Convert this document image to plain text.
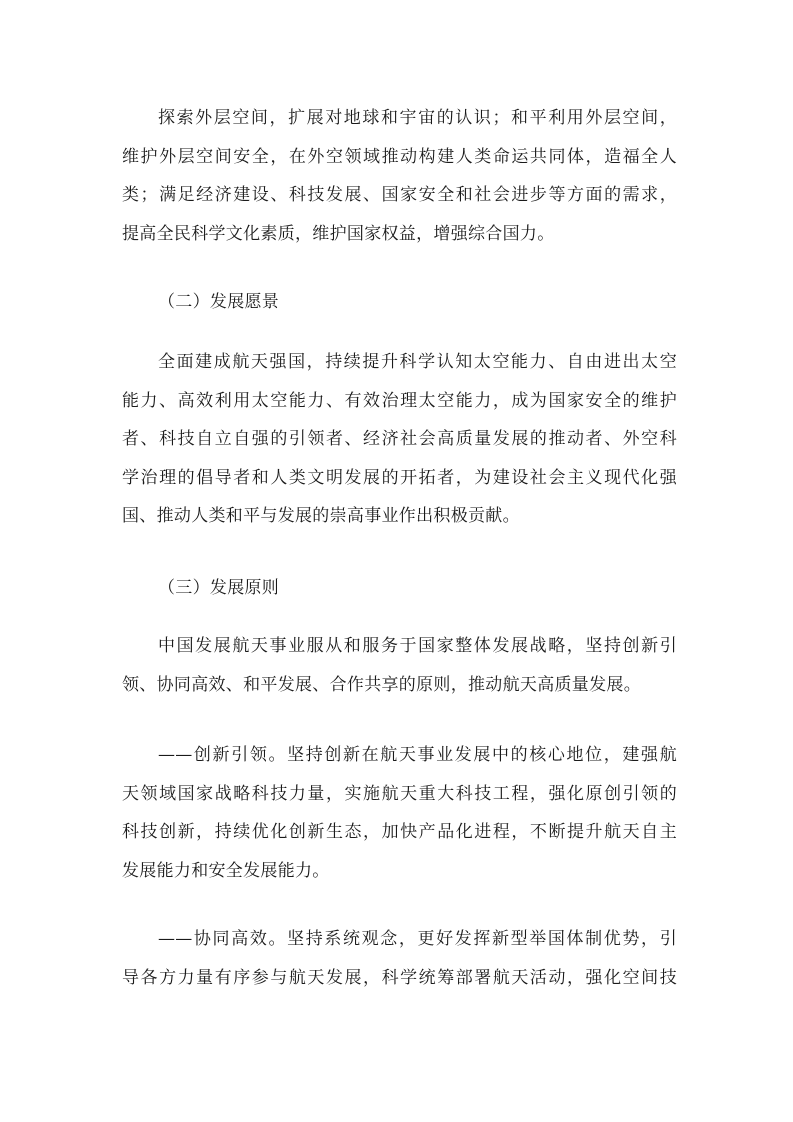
探索外层空间，扩展对地球和宇宙的认识；和平利用外层空间，
维护外层空间安全，在外空领域推动构建人类命运共同体，造福全人
类；满足经济建设、科技发展、国家安全和社会进步等方面的需求，
提高全民科学文化素质，维护国家权益，增强综合国力。
（二）发展愿景
全面建成航天强国，持续提升科学认知太空能力、自由进出太空
能力、高效利用太空能力、有效治理太空能力，成为国家安全的维护
者、科技自立自强的引领者、经济社会高质量发展的推动者、外空科
学治理的倡导者和人类文明发展的开拓者，为建设社会主义现代化强
国、推动人类和平与发展的崇高事业作出积极贡献。
（三）发展原则
中国发展航天事业服从和服务于国家整体发展战略，坚持创新引
领、协同高效、和平发展、合作共享的原则，推动航天高质量发展。
——创新引领。坚持创新在航天事业发展中的核心地位，建强航
天领域国家战略科技力量，实施航天重大科技工程，强化原创引领的
科技创新，持续优化创新生态，加快产品化进程，不断提升航天自主
发展能力和安全发展能力。
——协同高效。坚持系统观念，更好发挥新型举国体制优势，引
导各方力量有序参与航天发展，科学统筹部署航天活动，强化空间技
